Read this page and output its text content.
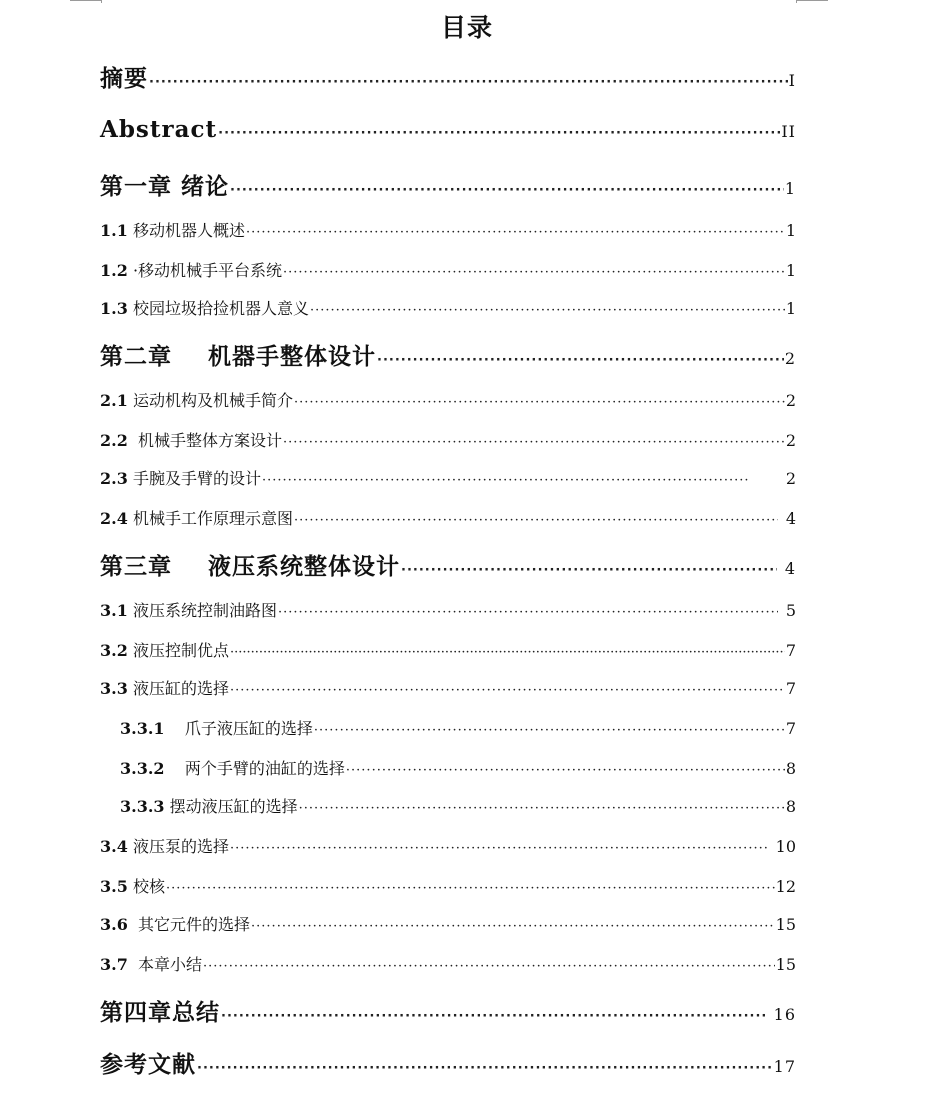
目录
摘要 ·····	I
Abstract ·····	II
第一章 绪论 ·····	1
1.1 移动机器人概述 ·····	1
1.2 ·移动机械手平台系统 ·····	1
1.3 校园垃圾拾捡机器人意义 ·····	1
第二章    机器手整体设计 ·····	2
2.1 运动机构及机械手简介 ·····	2
2.2 机械手整体方案设计 ·····	2
2.3 手腕及手臂的设计 ·····	2
2.4 机械手工作原理示意图 ·····	4
第三章    液压系统整体设计 ·····	4
3.1 液压系统控制油路图 ·····	5
3.2 液压控制优点 ·····	7
3.3 液压缸的选择 ·····	7
3.3.1 爪子液压缸的选择 ·····	7
3.3.2 两个手臂的油缸的选择 ·····	8
3.3.3 摆动液压缸的选择 ·····	8
3.4 液压泵的选择 ·····	10
3.5 校核 ·····	12
3.6 其它元件的选择 ·····	15
3.7 本章小结 ·····	15
第四章总结 ·····	16
参考文献 ·····	17
